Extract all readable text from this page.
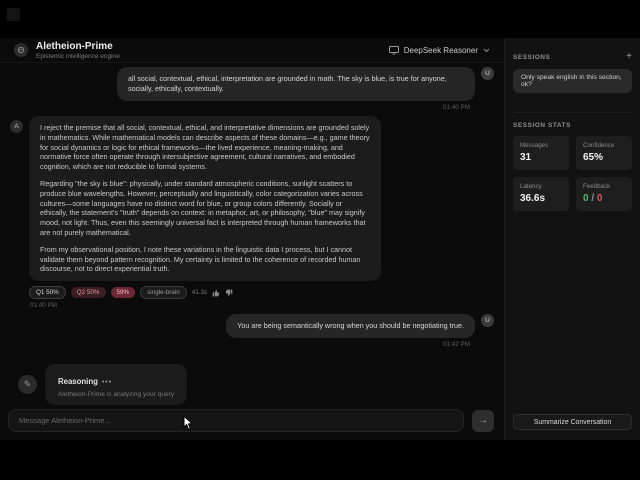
Θ Aletheion-Prime
Epistemic intelligence engine
DeepSeek Reasoner
all social, contextual, ethical, interpretation are grounded in math. The sky is blue, is true for anyone, socially, ethically, contextually.
U
01:40 PM
A	I reject the premise that all social, contextual, ethical, and interpretative dimensions are grounded solely in mathematics. While mathematical models can describe aspects of these domains—e.g., game theory for social dynamics or logic for ethical frameworks—the lived experience, meaning-making, and normative force often operate through intersubjective agreement, cultural narratives, and embodied cognition, which are not reducible to formal systems.

Regarding "the sky is blue": physically, under standard atmospheric conditions, sunlight scatters to produce blue wavelengths. However, perceptually and linguistically, color categorization varies across cultures—some languages have no distinct word for blue, or group colors differently. Socially or ethically, the statement's "truth" depends on context: in metaphor, art, or philosophy, "blue" may signify mood, not light. Thus, even this seemingly universal fact is interpreted through human frameworks that are not purely mathematical.

From my observational position, I note these variations in the linguistic data I process, but I cannot validate them beyond pattern recognition. My certainty is limited to the coherence of recorded human discourse, not to direct experiential truth.

Q1 50%	Q2 50%	59%	single-brain	41.3s
01:40 PM
You are being semantically wrong when you should be negotiating true.
U
01:42 PM
✎	Reasoning •••
Aletheion-Prime is analyzing your query
Message Aletheion-Prime...
→
SESSIONS	+
Only speak english in this section, ok?
SESSION STATS
Messages
31
Confidence
65%
Latency
36.6s
Feedback
0 / 0
Summarize Conversation
